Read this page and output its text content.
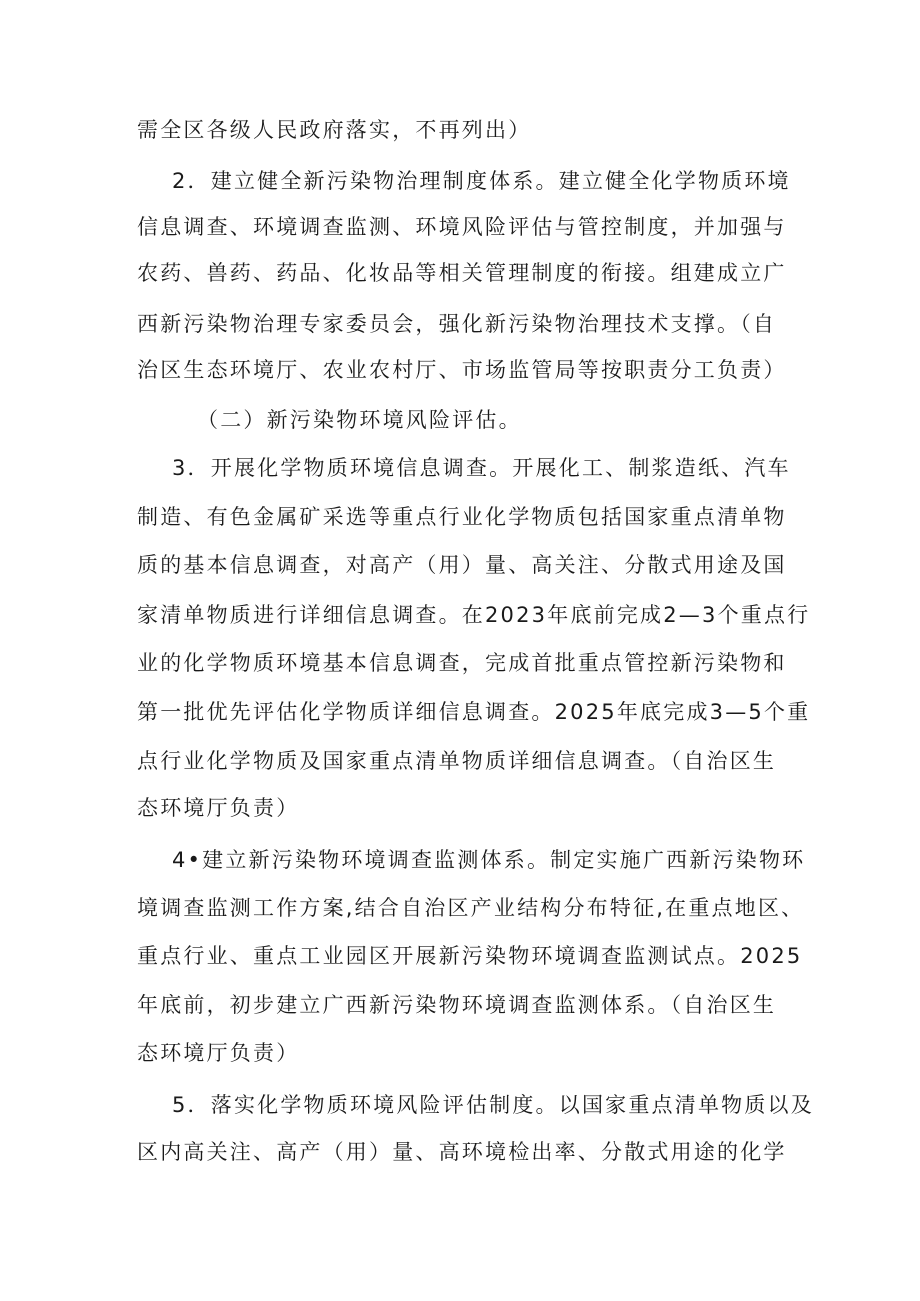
需全区各级人民政府落实，不再列出）

2．建立健全新污染物治理制度体系。建立健全化学物质环境

信息调查、环境调查监测、环境风险评估与管控制度，并加强与

农药、兽药、药品、化妆品等相关管理制度的衔接。组建成立广

西新污染物治理专家委员会，强化新污染物治理技术支撑。（自

治区生态环境厅、农业农村厅、市场监管局等按职责分工负责）

（二）新污染物环境风险评估。

3．开展化学物质环境信息调查。开展化工、制浆造纸、汽车

制造、有色金属矿采选等重点行业化学物质包括国家重点清单物

质的基本信息调查，对高产（用）量、高关注、分散式用途及国

家清单物质进行详细信息调查。在2023年底前完成2—3个重点行

业的化学物质环境基本信息调查，完成首批重点管控新污染物和

第一批优先评估化学物质详细信息调查。2025年底完成3—5个重

点行业化学物质及国家重点清单物质详细信息调查。（自治区生

态环境厅负责）

4•建立新污染物环境调查监测体系。制定实施广西新污染物环

境调查监测工作方案,结合自治区产业结构分布特征,在重点地区、

重点行业、重点工业园区开展新污染物环境调查监测试点。2025

年底前，初步建立广西新污染物环境调查监测体系。（自治区生

态环境厅负责）

5．落实化学物质环境风险评估制度。以国家重点清单物质以及

区内高关注、高产（用）量、高环境检出率、分散式用途的化学
